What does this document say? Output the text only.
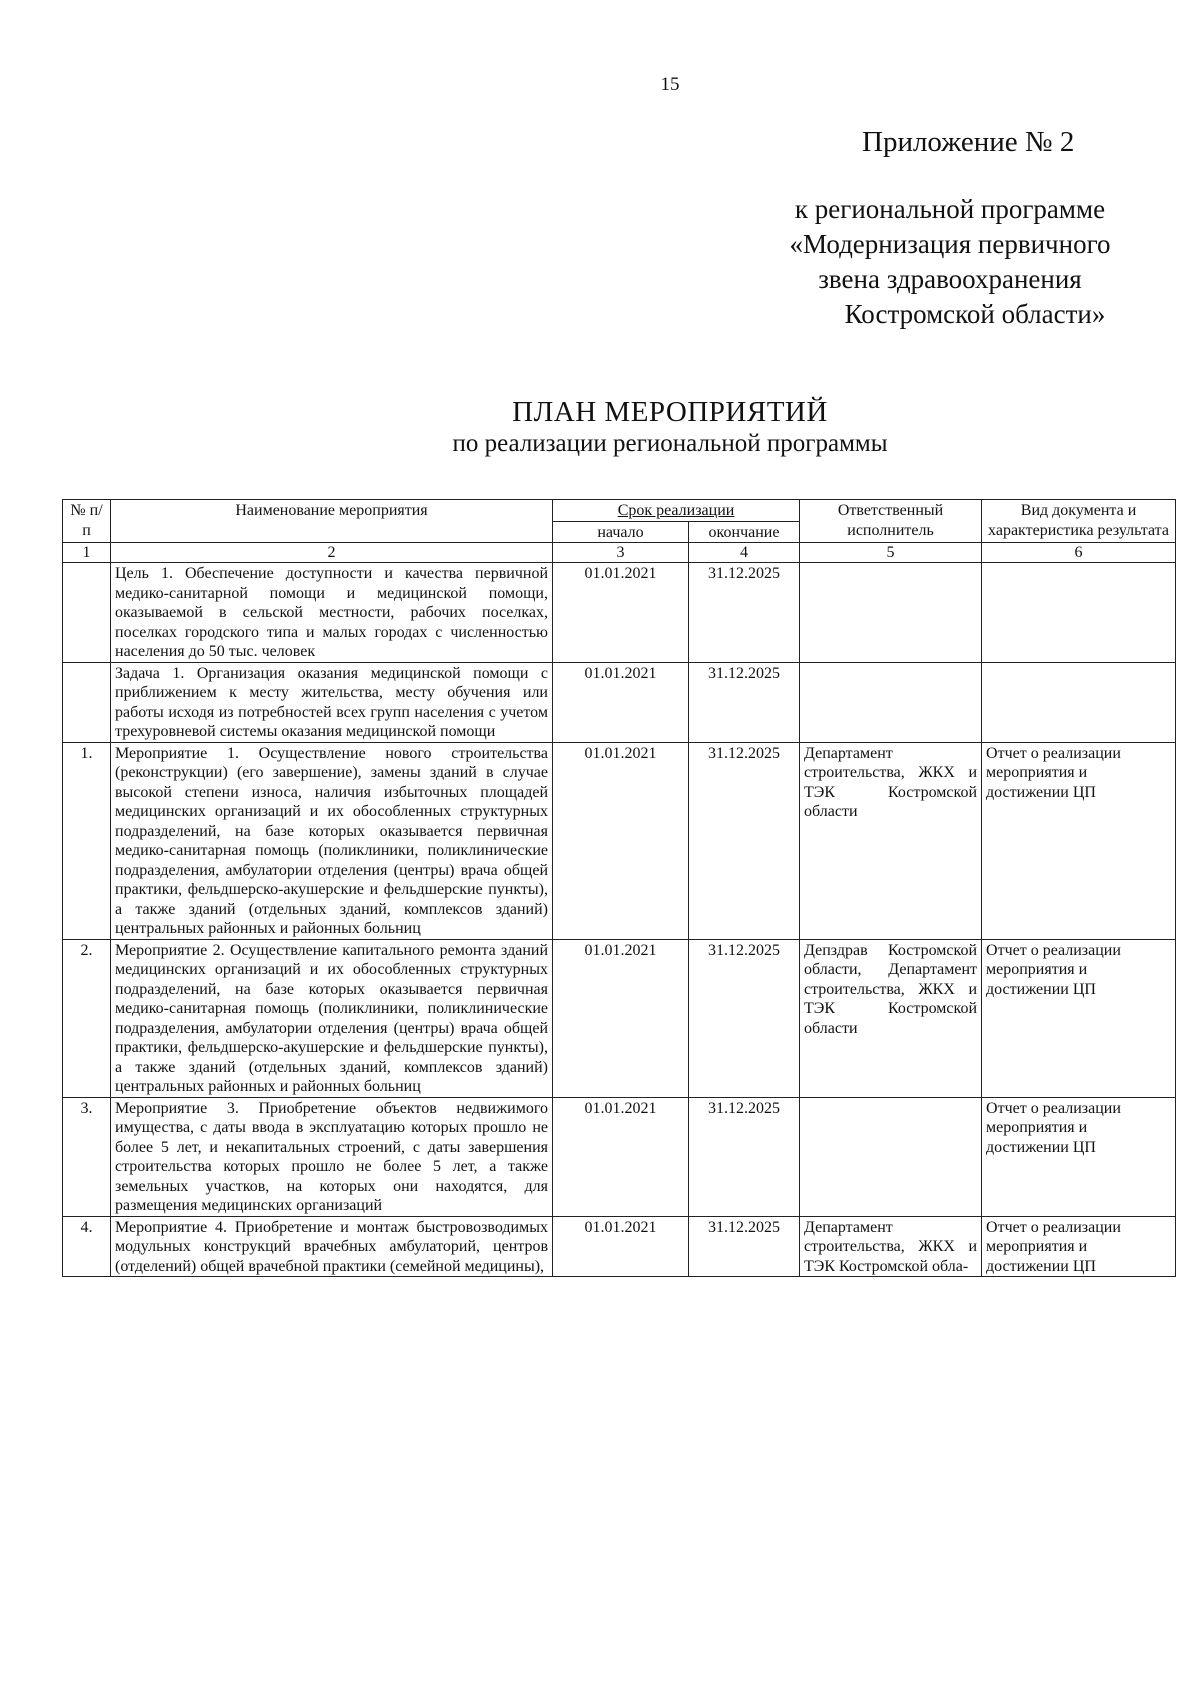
15
Приложение № 2
к региональной программе
«Модернизация первичного
звена здравоохранения
Костромской области»
ПЛАН МЕРОПРИЯТИЙ
по реализации региональной программы
№ п/ п	Наименование мероприятия	Срок реализации		Ответственный исполнитель	Вид документа и характеристика результата
		начало	окончание		
1	2	3	4	5	6
	Цель 1. Обеспечение доступности и качества первичной медико-санитарной помощи и медицинской помощи, оказываемой в сельской местности, рабочих поселках, поселках городского типа и малых городах с численностью населения до 50 тыс. человек	01.01.2021	31.12.2025		
	Задача 1. Организация оказания медицинской помощи с приближением к месту жительства, месту обучения или работы исходя из потребностей всех групп населения с учетом трехуровневой системы оказания медицинской помощи	01.01.2021	31.12.2025		
1.	Мероприятие 1. Осуществление нового строительства (реконструкции) (его завершение), замены зданий в случае высокой степени износа, наличия избыточных площадей медицинских организаций и их обособленных структурных подразделений, на базе которых оказывается первичная медико-санитарная помощь (поликлиники, поликлинические подразделения, амбулатории отделения (центры) врача общей практики, фельдшерско-акушерские и фельдшерские пункты), а также зданий (отдельных зданий, комплексов зданий) центральных районных и районных больниц	01.01.2021	31.12.2025	Департамент строительства, ЖКХ и ТЭК Костромской области	Отчет о реализации мероприятия и достижении ЦП
2.	Мероприятие 2. Осуществление капитального ремонта зданий медицинских организаций и их обособленных структурных подразделений, на базе которых оказывается первичная медико-санитарная помощь (поликлиники, поликлинические подразделения, амбулатории отделения (центры) врача общей практики, фельдшерско-акушерские и фельдшерские пункты), а также зданий (отдельных зданий, комплексов зданий) центральных районных и районных больниц	01.01.2021	31.12.2025	Депздрав Костромской области, Департамент строительства, ЖКХ и ТЭК Костромской области	Отчет о реализации мероприятия и достижении ЦП
3.	Мероприятие 3. Приобретение объектов недвижимого имущества, с даты ввода в эксплуатацию которых прошло не более 5 лет, и некапитальных строений, с даты завершения строительства которых прошло не более 5 лет, а также земельных участков, на которых они находятся, для размещения медицинских организаций	01.01.2021	31.12.2025		Отчет о реализации мероприятия и достижении ЦП
4.	Мероприятие 4. Приобретение и монтаж быстровозводимых модульных конструкций врачебных амбулаторий, центров (отделений) общей врачебной практики (семейной медицины),	01.01.2021	31.12.2025	Департамент строительства, ЖКХ и ТЭК Костромской обла-	Отчет о реализации мероприятия и достижении ЦП
